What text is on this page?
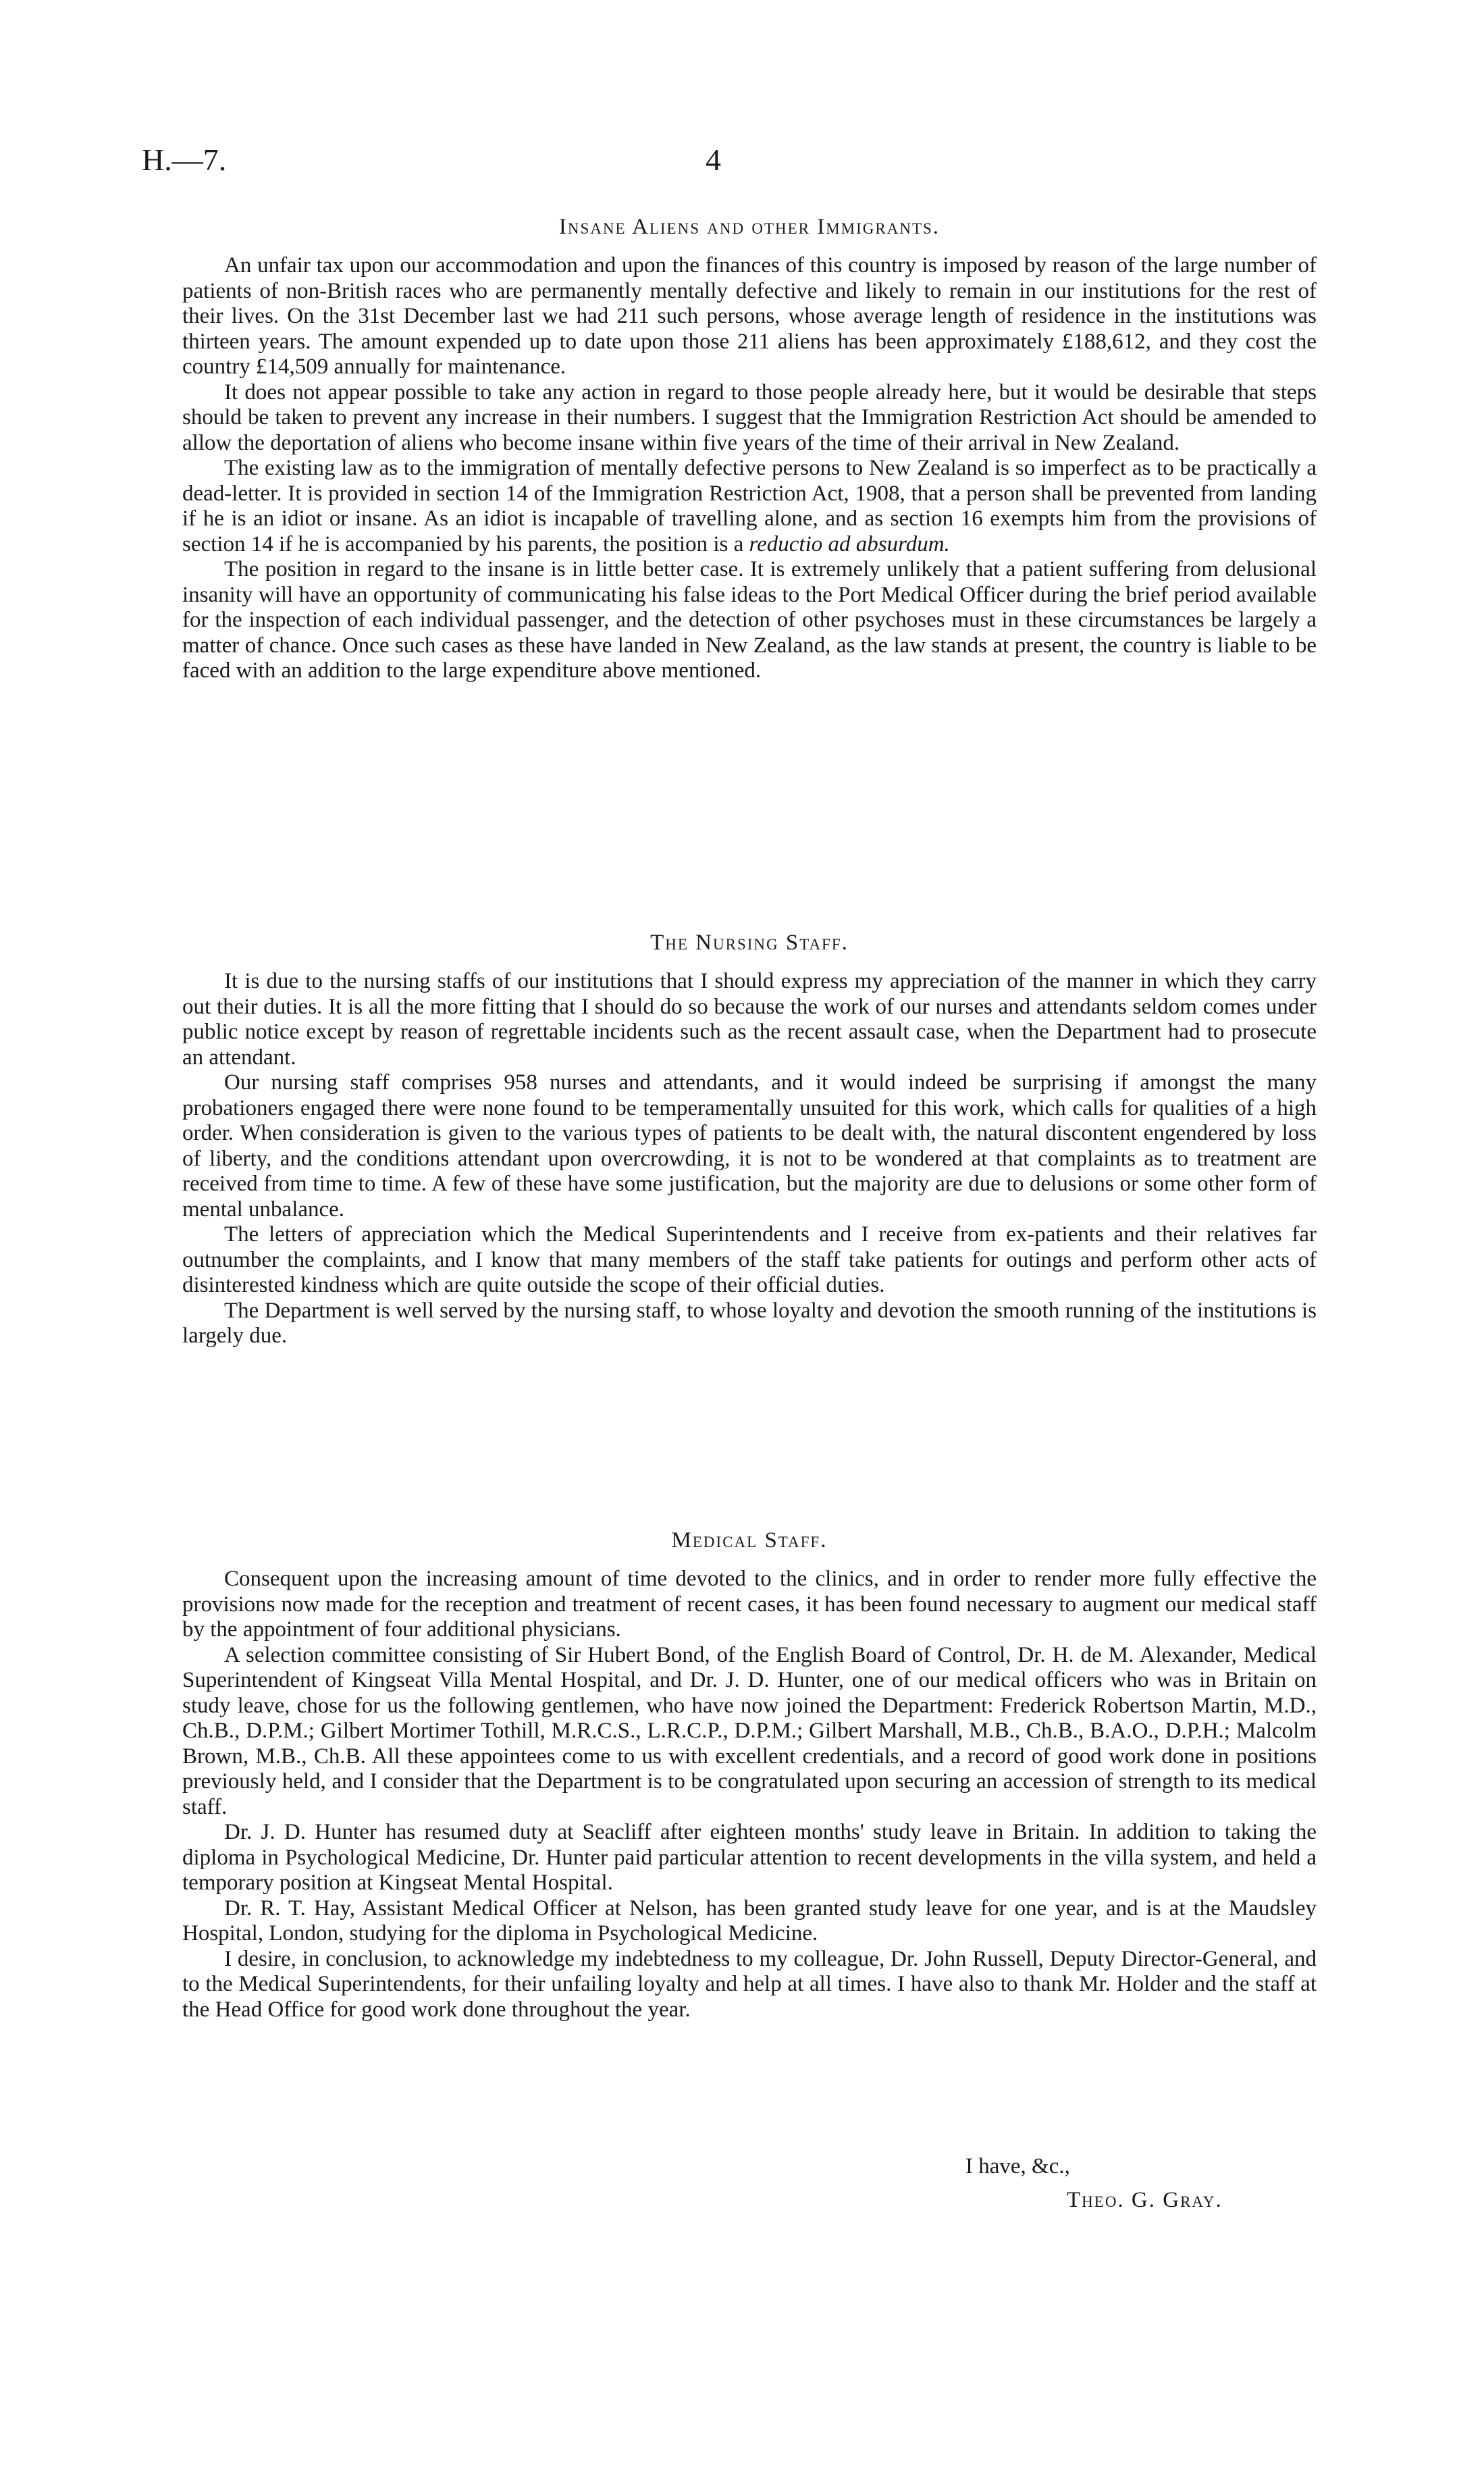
H.—7.	4
Insane Aliens and other Immigrants.

An unfair tax upon our accommodation and upon the finances of this country is imposed by reason of the large number of patients of non-British races who are permanently mentally defective and likely to remain in our institutions for the rest of their lives. On the 31st December last we had 211 such persons, whose average length of residence in the institutions was thirteen years. The amount expended up to date upon those 211 aliens has been approximately £188,612, and they cost the country £14,509 annually for maintenance.

It does not appear possible to take any action in regard to those people already here, but it would be desirable that steps should be taken to prevent any increase in their numbers. I suggest that the Immigration Restriction Act should be amended to allow the deportation of aliens who become insane within five years of the time of their arrival in New Zealand.

The existing law as to the immigration of mentally defective persons to New Zealand is so imperfect as to be practically a dead-letter. It is provided in section 14 of the Immigration Restriction Act, 1908, that a person shall be prevented from landing if he is an idiot or insane. As an idiot is incapable of travelling alone, and as section 16 exempts him from the provisions of section 14 if he is accompanied by his parents, the position is a reductio ad absurdum.

The position in regard to the insane is in little better case. It is extremely unlikely that a patient suffering from delusional insanity will have an opportunity of communicating his false ideas to the Port Medical Officer during the brief period available for the inspection of each individual passenger, and the detection of other psychoses must in these circumstances be largely a matter of chance. Once such cases as these have landed in New Zealand, as the law stands at present, the country is liable to be faced with an addition to the large expenditure above mentioned.

The Nursing Staff.

It is due to the nursing staffs of our institutions that I should express my appreciation of the manner in which they carry out their duties. It is all the more fitting that I should do so because the work of our nurses and attendants seldom comes under public notice except by reason of regrettable incidents such as the recent assault case, when the Department had to prosecute an attendant.

Our nursing staff comprises 958 nurses and attendants, and it would indeed be surprising if amongst the many probationers engaged there were none found to be temperamentally unsuited for this work, which calls for qualities of a high order. When consideration is given to the various types of patients to be dealt with, the natural discontent engendered by loss of liberty, and the conditions attendant upon overcrowding, it is not to be wondered at that complaints as to treatment are received from time to time. A few of these have some justification, but the majority are due to delusions or some other form of mental unbalance.

The letters of appreciation which the Medical Superintendents and I receive from ex-patients and their relatives far outnumber the complaints, and I know that many members of the staff take patients for outings and perform other acts of disinterested kindness which are quite outside the scope of their official duties.

The Department is well served by the nursing staff, to whose loyalty and devotion the smooth running of the institutions is largely due.

Medical Staff.

Consequent upon the increasing amount of time devoted to the clinics, and in order to render more fully effective the provisions now made for the reception and treatment of recent cases, it has been found necessary to augment our medical staff by the appointment of four additional physicians.

A selection committee consisting of Sir Hubert Bond, of the English Board of Control, Dr. H. de M. Alexander, Medical Superintendent of Kingseat Villa Mental Hospital, and Dr. J. D. Hunter, one of our medical officers who was in Britain on study leave, chose for us the following gentlemen, who have now joined the Department: Frederick Robertson Martin, M.D., Ch.B., D.P.M.; Gilbert Mortimer Tothill, M.R.C.S., L.R.C.P., D.P.M.; Gilbert Marshall, M.B., Ch.B., B.A.O., D.P.H.; Malcolm Brown, M.B., Ch.B. All these appointees come to us with excellent credentials, and a record of good work done in positions previously held, and I consider that the Department is to be congratulated upon securing an accession of strength to its medical staff.

Dr. J. D. Hunter has resumed duty at Seacliff after eighteen months' study leave in Britain. In addition to taking the diploma in Psychological Medicine, Dr. Hunter paid particular attention to recent developments in the villa system, and held a temporary position at Kingseat Mental Hospital.

Dr. R. T. Hay, Assistant Medical Officer at Nelson, has been granted study leave for one year, and is at the Maudsley Hospital, London, studying for the diploma in Psychological Medicine.

I desire, in conclusion, to acknowledge my indebtedness to my colleague, Dr. John Russell, Deputy Director-General, and to the Medical Superintendents, for their unfailing loyalty and help at all times. I have also to thank Mr. Holder and the staff at the Head Office for good work done throughout the year.

I have, &c.,
Theo. G. Gray.
